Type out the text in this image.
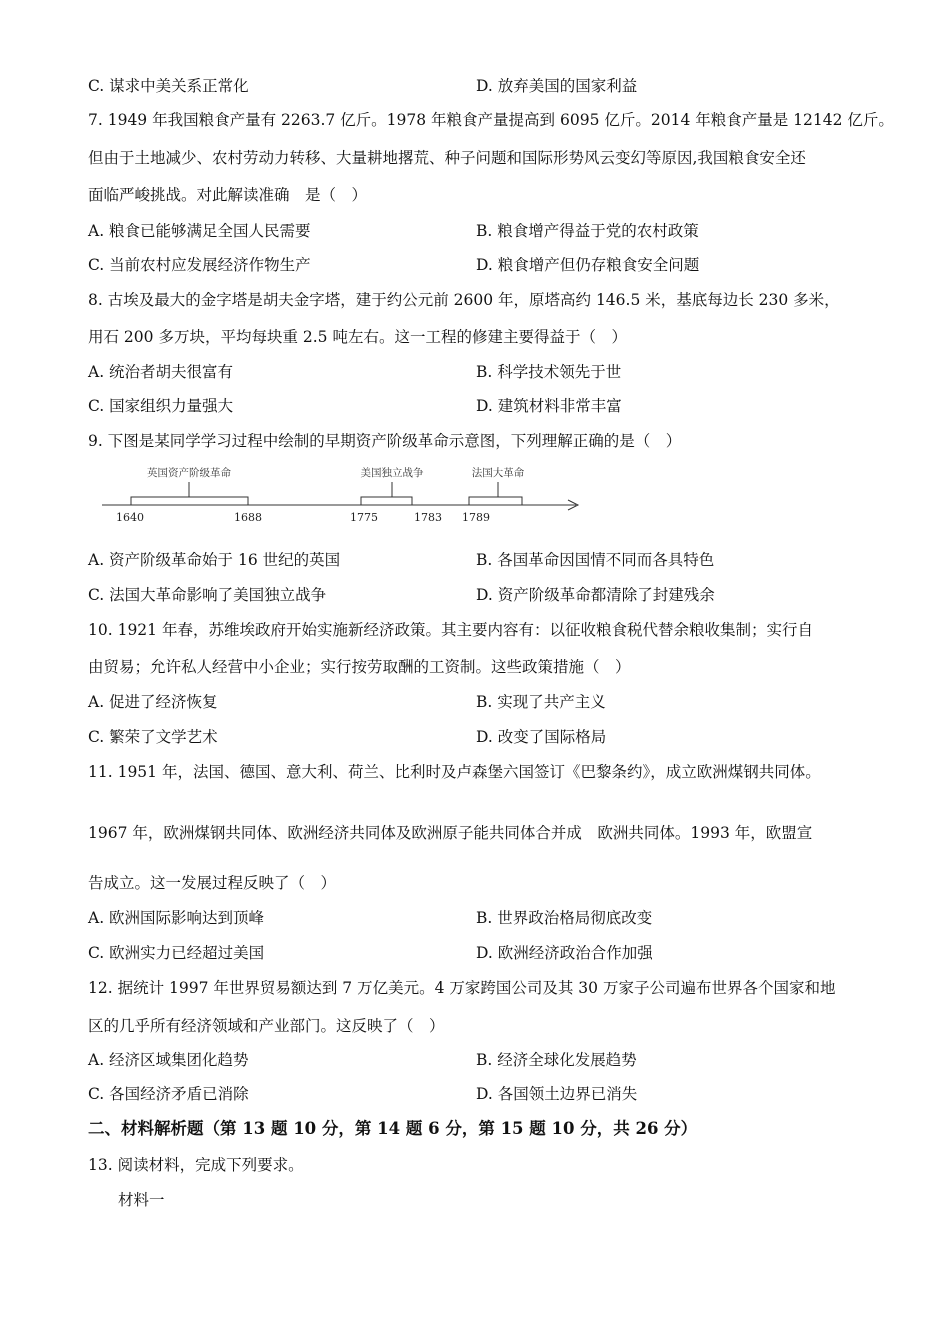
C. 谋求中美关系正常化	D. 放弃美国的国家利益
7. 1949 年我国粮食产量有 2263.7 亿斤。1978 年粮食产量提高到 6095 亿斤。2014 年粮食产量是 12142 亿斤。
但由于土地减少、农村劳动力转移、大量耕地撂荒、种子问题和国际形势风云变幻等原因,我国粮食安全还
面临严峻挑战。对此解读准确　是（　）
A. 粮食已能够满足全国人民需要	B. 粮食增产得益于党的农村政策
C. 当前农村应发展经济作物生产	D. 粮食增产但仍存粮食安全问题
8. 古埃及最大的金字塔是胡夫金字塔，建于约公元前 2600 年，原塔高约 146.5 米，基底每边长 230 多米，
用石 200 多万块，平均每块重 2.5 吨左右。这一工程的修建主要得益于（　）
A. 统治者胡夫很富有	B. 科学技术领先于世
C. 国家组织力量强大	D. 建筑材料非常丰富
9. 下图是某同学学习过程中绘制的早期资产阶级革命示意图，下列理解正确的是（　）
英国资产阶级革命	美国独立战争	法国大革命
1640	1688	1775	1783 1789
A. 资产阶级革命始于 16 世纪的英国	B. 各国革命因国情不同而各具特色
C. 法国大革命影响了美国独立战争	D. 资产阶级革命都清除了封建残余
10. 1921 年春，苏维埃政府开始实施新经济政策。其主要内容有：以征收粮食税代替余粮收集制；实行自
由贸易；允许私人经营中小企业；实行按劳取酬的工资制。这些政策措施（　）
A. 促进了经济恢复	B. 实现了共产主义
C. 繁荣了文学艺术	D. 改变了国际格局
11. 1951 年，法国、德国、意大利、荷兰、比利时及卢森堡六国签订《巴黎条约》，成立欧洲煤钢共同体。
1967 年，欧洲煤钢共同体、欧洲经济共同体及欧洲原子能共同体合并成　欧洲共同体。1993 年，欧盟宣
告成立。这一发展过程反映了（　）
A. 欧洲国际影响达到顶峰	B. 世界政治格局彻底改变
C. 欧洲实力已经超过美国	D. 欧洲经济政治合作加强
12. 据统计 1997 年世界贸易额达到 7 万亿美元。4 万家跨国公司及其 30 万家子公司遍布世界各个国家和地
区的几乎所有经济领域和产业部门。这反映了（　）
A. 经济区域集团化趋势	B. 经济全球化发展趋势
C. 各国经济矛盾已消除	D. 各国领土边界已消失
二、材料解析题（第 13 题 10 分，第 14 题 6 分，第 15 题 10 分，共 26 分）
13. 阅读材料，完成下列要求。
材料一
